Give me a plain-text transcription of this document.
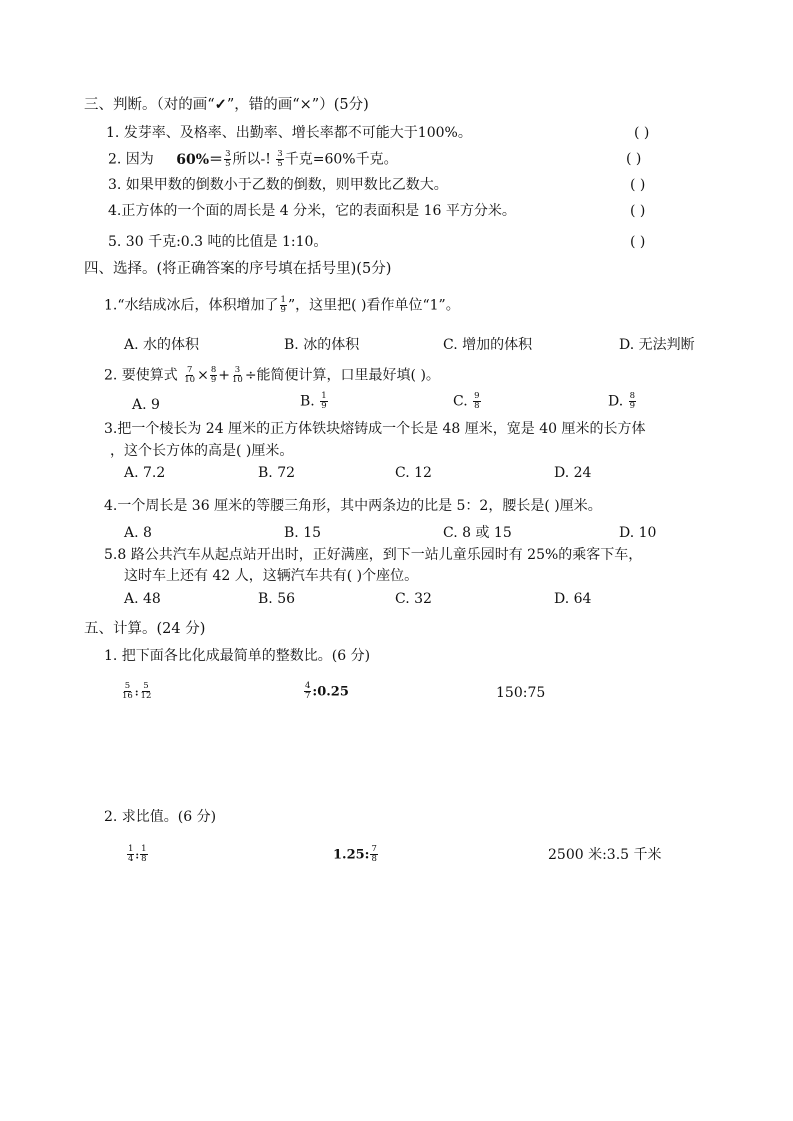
三、判断。（对的画“✓”，错的画“×”）(5分)
1. 发芽率、及格率、出勤率、增长率都不可能大于100%。	( )
2. 因为 $60\%= \frac{3}{5}$ 所以-! $\frac{3}{5}$ 千克=60%千克。	( )
3. 如果甲数的倒数小于乙数的倒数，则甲数比乙数大。	( )
4.正方体的一个面的周长是 4 分米，它的表面积是 16 平方分米。	( )
5. 30 千克:0.3 吨的比值是 1:10。	( )
四、选择。(将正确答案的序号填在括号里)(5分)
1.“水结成冰后，体积增加了 $\frac{1}{9}$ ”，这里把( )看作单位“1”。
A. 水的体积	B. 冰的体积	C. 增加的体积	D. 无法判断
2. 要使算式 $\frac{7}{10} \times \frac{8}{9} + \frac{3}{10}$ ÷能简便计算，口里最好填( )。
A. 9	B. $\frac{1}{9}$	C. $\frac{9}{8}$	D. $\frac{8}{9}$
3.把一个棱长为 24 厘米的正方体铁块熔铸成一个长是 48 厘米，宽是 40 厘米的长方体
，这个长方体的高是( )厘米。
A. 7.2	B. 72	C. 12	D. 24
4.一个周长是 36 厘米的等腰三角形，其中两条边的比是 5：2，腰长是( )厘米。
A. 8	B. 15	C. 8 或 15	D. 10
5.8 路公共汽车从起点站开出时，正好满座，到下一站儿童乐园时有 25%的乘客下车，
这时车上还有 42 人，这辆汽车共有( )个座位。
A. 48	B. 56	C. 32	D. 64
五、计算。(24 分)
1. 把下面各比化成最简单的整数比。(6 分)
$\frac{5}{16}$ : $\frac{5}{12}$	$\frac{4}{7}$ :0.25	150:75
2. 求比值。(6 分)
$\frac{1}{4}$ : $\frac{1}{8}$	1.25: $\frac{7}{8}$	2500 米:3.5 千米
